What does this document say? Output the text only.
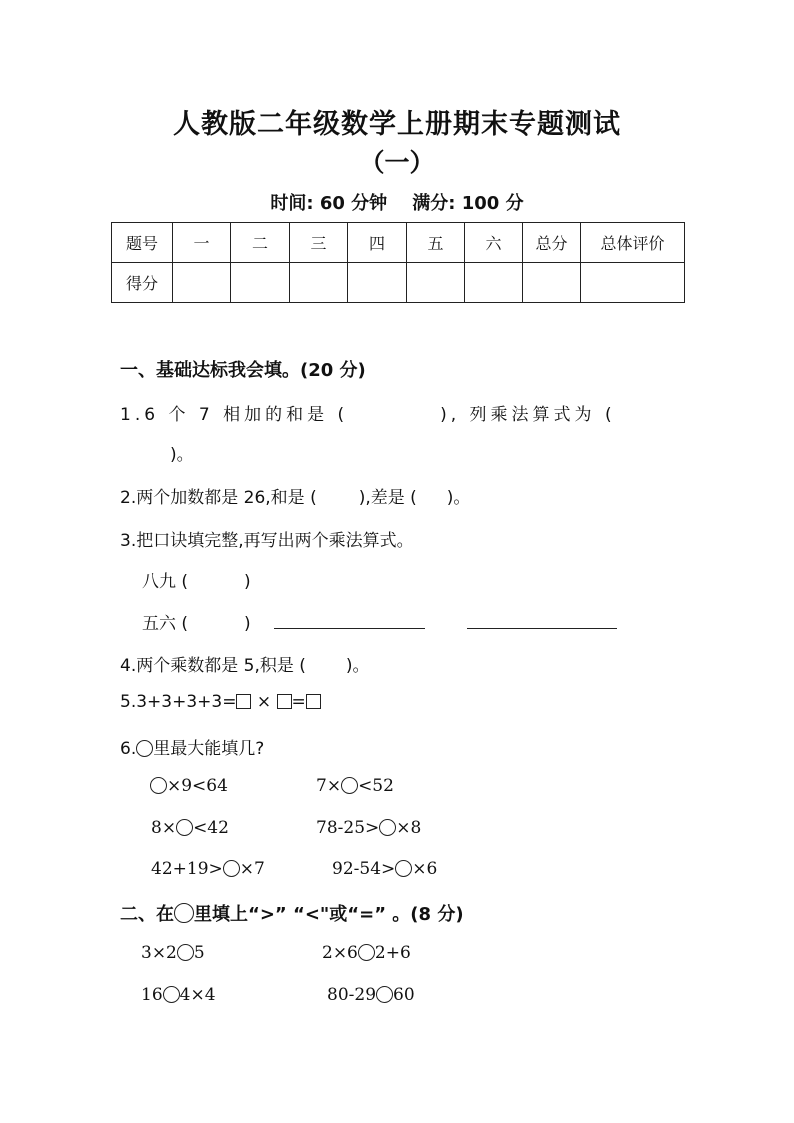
人教版二年级数学上册期末专题测试
（一）
时间: 60 分钟 满分: 100 分
题号	一	二	三	四	五	六	总分	总体评价
得分								
一、基础达标我会填。(20 分)
1.6 个 7 相加的和是 (	), 列乘法算式为 (
)。
2.两个加数都是 26,和是 ( ),差是 ( )。
3.把口诀填完整,再写出两个乘法算式。
八九 (	)
五六 (	)
4.两个乘数都是 5,积是 ( )。
5.3+3+3+3= × =
6. 里最大能填几?
×9<64	7× <52
8× <42	78-25> ×8
42+19> ×7	92-54> ×6
二、在 里填上“>” “<"或“=” 。(8 分)
3×2 5	2×6 2+6
16 4×4	80-29 60
